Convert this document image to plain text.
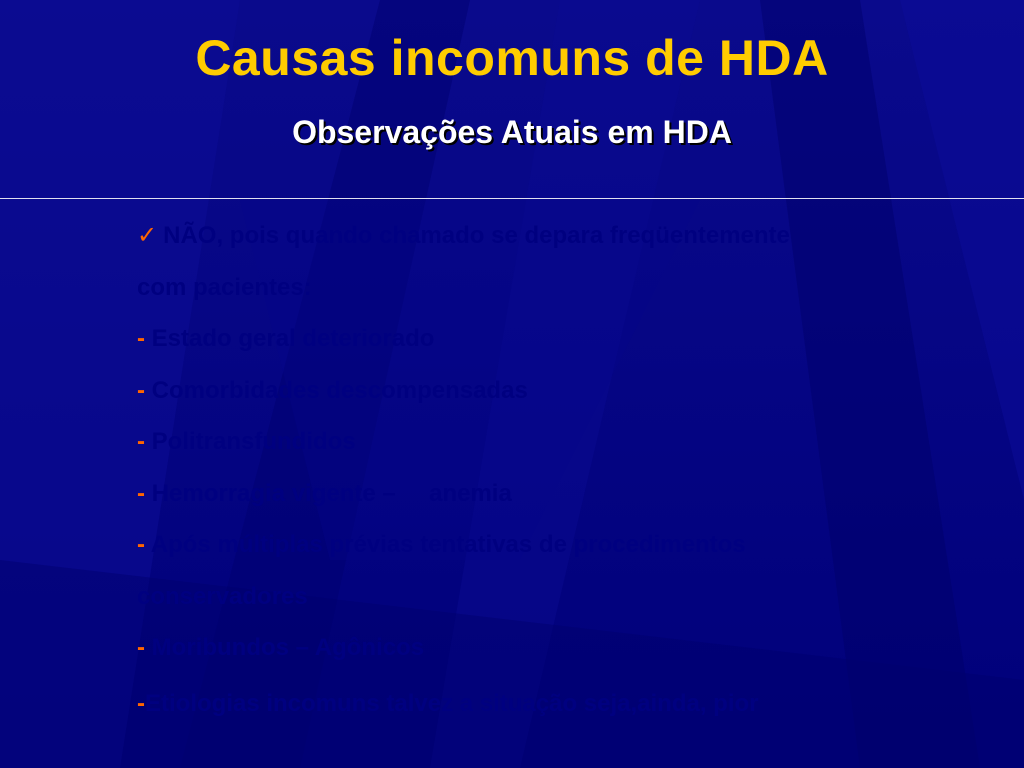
Causas incomuns de HDA
Observações Atuais em HDA
✓ NÃO, pois quando chamado se depara freqüentemente
com pacientes:
- Estado geral deteriorado
- Comorbidades descompensadas
- Politransfundidos
- Hemorragia vigente –     anemia
- Após múltiplas prévias tentativas de procedimentos
conservadores
- Moribundos – Agônicos
-Etiologias incomuns talvez a situação seja,ainda, pior
